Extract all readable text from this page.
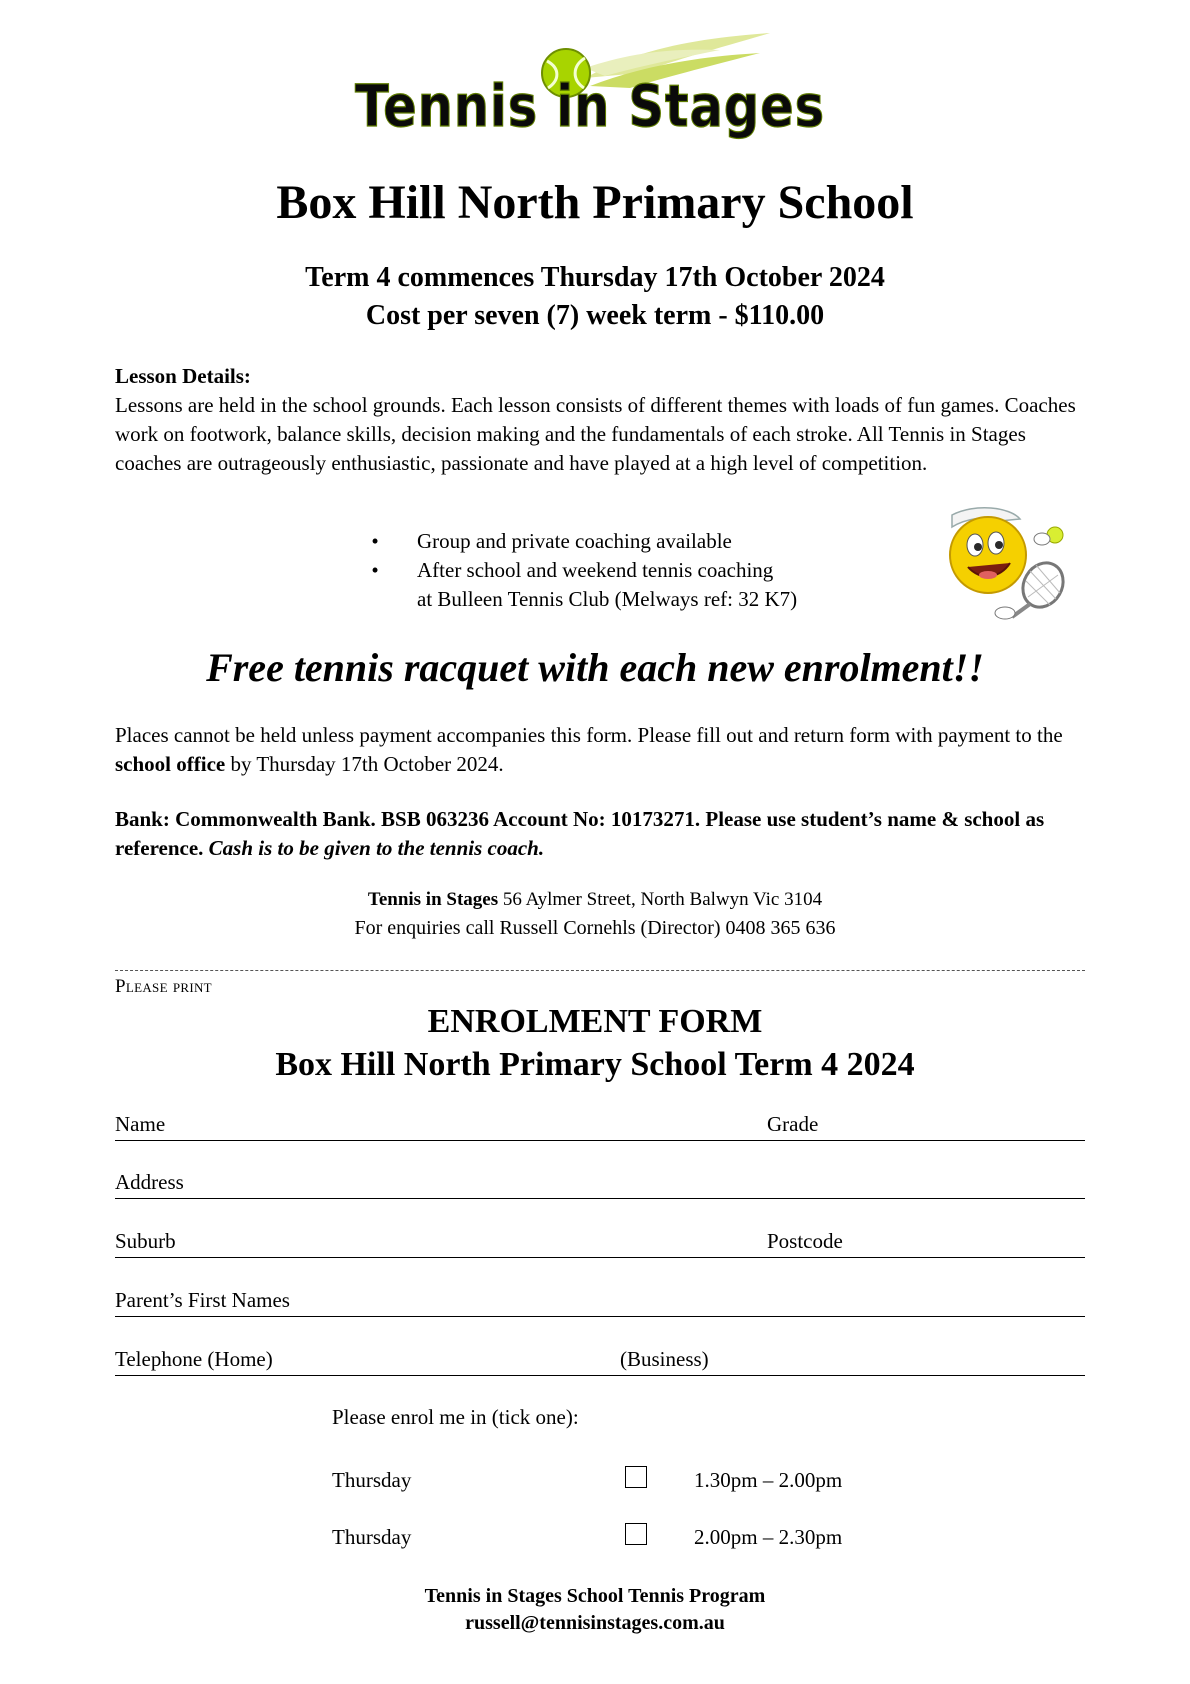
Tennis in Stages
Box Hill North Primary School
Term 4 commences Thursday 17th October 2024
Cost per seven (7) week term - $110.00
Lesson Details:
Lessons are held in the school grounds. Each lesson consists of different themes with loads of fun games. Coaches work on footwork, balance skills, decision making and the fundamentals of each stroke. All Tennis in Stages coaches are outrageously enthusiastic, passionate and have played at a high level of competition.
•	Group and private coaching available
•	After school and weekend tennis coaching
at Bulleen Tennis Club (Melways ref: 32 K7)
Free tennis racquet with each new enrolment!!
Places cannot be held unless payment accompanies this form. Please fill out and return form with payment to the school office by Thursday 17th October 2024.
Bank: Commonwealth Bank. BSB 063236 Account No: 10173271. Please use student’s name & school as reference. Cash is to be given to the tennis coach.
Tennis in Stages 56 Aylmer Street, North Balwyn Vic 3104
For enquiries call Russell Cornehls (Director) 0408 365 636
Please print
ENROLMENT FORM
Box Hill North Primary School Term 4 2024
Name	Grade
Address
Suburb	Postcode
Parent’s First Names
Telephone (Home)	(Business)
Please enrol me in (tick one):
Thursday	1.30pm – 2.00pm
Thursday	2.00pm – 2.30pm
Tennis in Stages School Tennis Program
russell@tennisinstages.com.au
